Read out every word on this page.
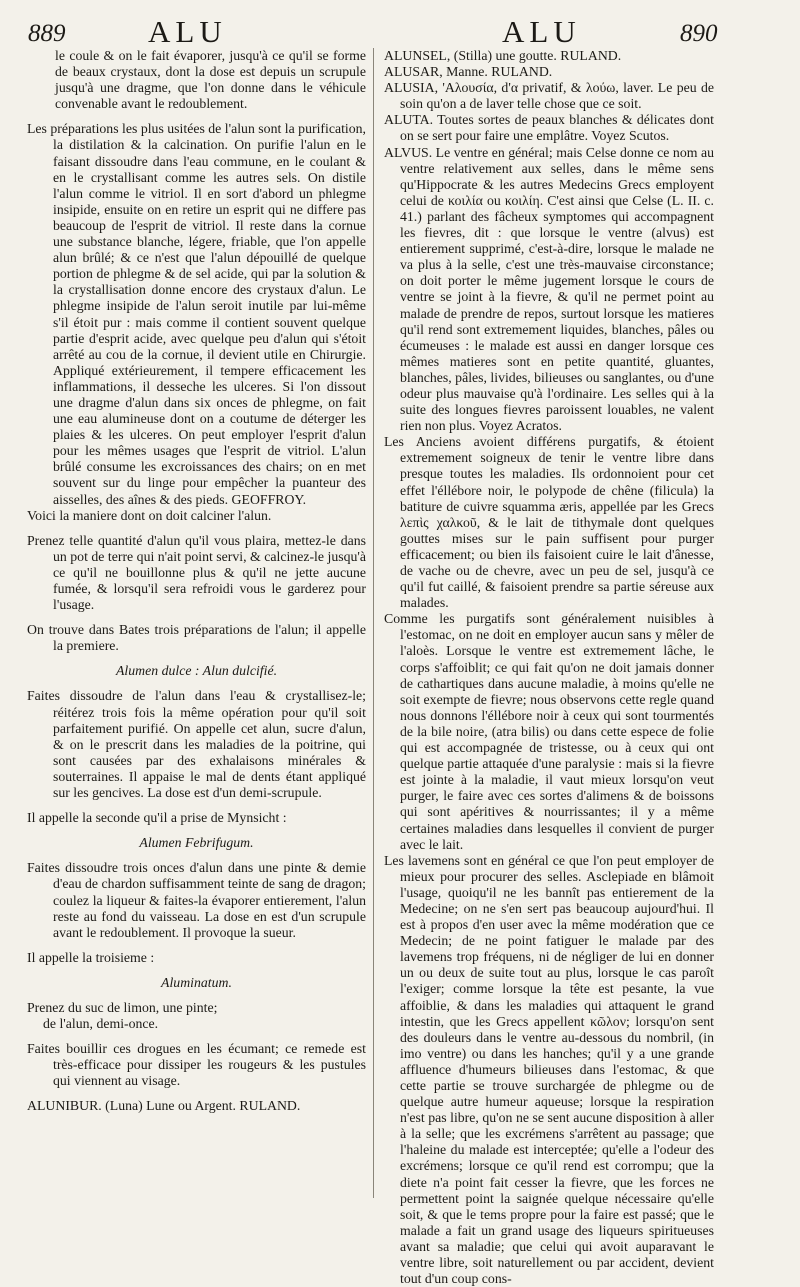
889	ALU	ALU	890

le coule & on le fait évaporer, jusqu'à ce qu'il se forme de beaux crystaux, dont la dose est depuis un scrupule jusqu'à une dragme, que l'on donne dans le véhicule convenable avant le redoublement.

Les préparations les plus usitées de l'alun sont la purification, la distilation & la calcination. On purifie l'alun en le faisant dissoudre dans l'eau commune, en le coulant & en le crystallisant comme les autres sels. On distile l'alun comme le vitriol. Il en sort d'abord un phlegme insipide, ensuite on en retire un esprit qui ne differe pas beaucoup de l'esprit de vitriol. Il reste dans la cornue une substance blanche, légere, friable, que l'on appelle alun brûlé; & ce n'est que l'alun dépouillé de quelque portion de phlegme & de sel acide, qui par la solution & la crystallisation donne encore des crystaux d'alun. Le phlegme insipide de l'alun seroit inutile par lui-même s'il étoit pur : mais comme il contient souvent quelque partie d'esprit acide, avec quelque peu d'alun qui s'étoit arrêté au cou de la cornue, il devient utile en Chirurgie. Appliqué extérieurement, il tempere efficacement les inflammations, il desseche les ulceres. Si l'on dissout une dragme d'alun dans six onces de phlegme, on fait une eau alumineuse dont on a coutume de déterger les plaies & les ulceres. On peut employer l'esprit d'alun pour les mêmes usages que l'esprit de vitriol. L'alun brûlé consume les excroissances des chairs; on en met souvent sur du linge pour empêcher la puanteur des aisselles, des aînes & des pieds. GEOFFROY.

Voici la maniere dont on doit calciner l'alun.

Prenez telle quantité d'alun qu'il vous plaira, mettez-le dans un pot de terre qui n'ait point servi, & calcinez-le jusqu'à ce qu'il ne bouillonne plus & qu'il ne jette aucune fumée, & lorsqu'il sera refroidi vous le garderez pour l'usage.

On trouve dans Bates trois préparations de l'alun; il appelle la premiere.

Alumen dulce : Alun dulcifié.

Faites dissoudre de l'alun dans l'eau & crystallisez-le; réitérez trois fois la même opération pour qu'il soit parfaitement purifié. On appelle cet alun, sucre d'alun, & on le prescrit dans les maladies de la poitrine, qui sont causées par des exhalaisons minérales & souterraines. Il appaise le mal de dents étant appliqué sur les gencives. La dose est d'un demi-scrupule.

Il appelle la seconde qu'il a prise de Mynsicht :

Alumen Febrifugum.

Faites dissoudre trois onces d'alun dans une pinte & demie d'eau de chardon suffisamment teinte de sang de dragon; coulez la liqueur & faites-la évaporer entierement, l'alun reste au fond du vaisseau. La dose en est d'un scrupule avant le redoublement. Il provoque la sueur.

Il appelle la troisieme :

Aluminatum.

Prenez du suc de limon, une pinte;

de l'alun, demi-once.

Faites bouillir ces drogues en les écumant; ce remede est très-efficace pour dissiper les rougeurs & les pustules qui viennent au visage.

ALUNIBUR. (Luna) Lune ou Argent. RULAND.

ALUNSEL, (Stilla) une goutte. RULAND.

ALUSAR, Manne. RULAND.

ALUSIA, 'Αλουσία, d'α privatif, & λούω, laver. Le peu de soin qu'on a de laver telle chose que ce soit.

ALUTA. Toutes sortes de peaux blanches & délicates dont on se sert pour faire une emplâtre. Voyez Scutos.

ALVUS. Le ventre en général; mais Celse donne ce nom au ventre relativement aux selles, dans le même sens qu'Hippocrate & les autres Medecins Grecs employent celui de κοιλία ou κοιλίη. C'est ainsi que Celse (L. II. c. 41.) parlant des fâcheux symptomes qui accompagnent les fievres, dit : que lorsque le ventre (alvus) est entierement supprimé, c'est-à-dire, lorsque le malade ne va plus à la selle, c'est une très-mauvaise circonstance; on doit porter le même jugement lorsque le cours de ventre se joint à la fievre, & qu'il ne permet point au malade de prendre de repos, surtout lorsque les matieres qu'il rend sont extremement liquides, blanches, pâles ou écumeuses : le malade est aussi en danger lorsque ces mêmes matieres sont en petite quantité, gluantes, blanches, pâles, livides, bilieuses ou sanglantes, ou d'une odeur plus mauvaise qu'à l'ordinaire. Les selles qui à la suite des longues fievres paroissent louables, ne valent rien non plus. Voyez Acratos.

Les Anciens avoient différens purgatifs, & étoient extremement soigneux de tenir le ventre libre dans presque toutes les maladies. Ils ordonnoient pour cet effet l'éllébore noir, le polypode de chêne (filicula) la batiture de cuivre squamma æris, appellée par les Grecs λεπὶς χαλκοῦ, & le lait de tithymale dont quelques gouttes mises sur le pain suffisent pour purger efficacement; ou bien ils faisoient cuire le lait d'ânesse, de vache ou de chevre, avec un peu de sel, jusqu'à ce qu'il fut caillé, & faisoient prendre sa partie séreuse aux malades.

Comme les purgatifs sont généralement nuisibles à l'estomac, on ne doit en employer aucun sans y mêler de l'aloès. Lorsque le ventre est extremement lâche, le corps s'affoiblit; ce qui fait qu'on ne doit jamais donner de cathartiques dans aucune maladie, à moins qu'elle ne soit exempte de fievre; nous observons cette regle quand nous donnons l'éllébore noir à ceux qui sont tourmentés de la bile noire, (atra bilis) ou dans cette espece de folie qui est accompagnée de tristesse, ou à ceux qui ont quelque partie attaquée d'une paralysie : mais si la fievre est jointe à la maladie, il vaut mieux lorsqu'on veut purger, le faire avec ces sortes d'alimens & de boissons qui sont apéritives & nourrissantes; il y a même certaines maladies dans lesquelles il convient de purger avec le lait.

Les lavemens sont en général ce que l'on peut employer de mieux pour procurer des selles. Asclepiade en blâmoit l'usage, quoiqu'il ne les bannît pas entierement de la Medecine; on ne s'en sert pas beaucoup aujourd'hui. Il est à propos d'en user avec la même modération que ce Medecin; de ne point fatiguer le malade par des lavemens trop fréquens, ni de négliger de lui en donner un ou deux de suite tout au plus, lorsque le cas paroît l'exiger; comme lorsque la tête est pesante, la vue affoiblie, & dans les maladies qui attaquent le grand intestin, que les Grecs appellent κῶλον; lorsqu'on sent des douleurs dans le ventre au-dessous du nombril, (in imo ventre) ou dans les hanches; qu'il y a une grande affluence d'humeurs bilieuses dans l'estomac, & que cette partie se trouve surchargée de phlegme ou de quelque autre humeur aqueuse; lorsque la respiration n'est pas libre, qu'on ne se sent aucune disposition à aller à la selle; que les excrémens s'arrêtent au passage; que l'haleine du malade est interceptée; qu'elle a l'odeur des excrémens; lorsque ce qu'il rend est corrompu; que la diete n'a point fait cesser la fievre, que les forces ne permettent point la saignée quelque nécessaire qu'elle soit, & que le tems propre pour la faire est passé; que le malade a fait un grand usage des liqueurs spiritueuses avant sa maladie; que celui qui avoit auparavant le ventre libre, soit naturellement ou par accident, devient tout d'un coup cons-
